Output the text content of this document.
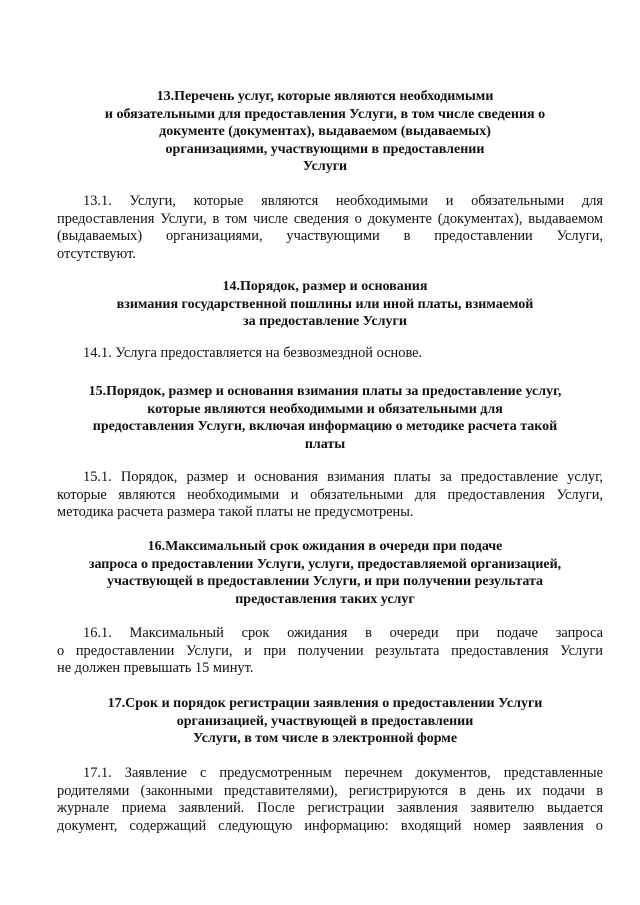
13.Перечень услуг, которые являются необходимыми
и обязательными для предоставления Услуги, в том числе сведения о
документе (документах), выдаваемом (выдаваемых)
организациями, участвующими в предоставлении
Услуги
13.1. Услуги, которые являются необходимыми и обязательными для
предоставления Услуги, в том числе сведения о документе (документах), выдаваемом
(выдаваемых) организациями, участвующими в предоставлении Услуги,
отсутствуют.
14.Порядок, размер и основания
взимания государственной пошлины или иной платы, взимаемой
за предоставление Услуги
14.1. Услуга предоставляется на безвозмездной основе.
15.Порядок, размер и основания взимания платы за предоставление услуг,
которые являются необходимыми и обязательными для
предоставления Услуги, включая информацию о методике расчета такой
платы
15.1. Порядок, размер и основания взимания платы за предоставление услуг,
которые являются необходимыми и обязательными для предоставления Услуги,
методика расчета размера такой платы не предусмотрены.
16.Максимальный срок ожидания в очереди при подаче
запроса о предоставлении Услуги, услуги, предоставляемой организацией,
участвующей в предоставлении Услуги, и при получении результата
предоставления таких услуг
16.1. Максимальный срок ожидания в очереди при подаче запроса
о предоставлении Услуги, и при получении результата предоставления Услуги
не должен превышать 15 минут.
17.Срок и порядок регистрации заявления о предоставлении Услуги
организацией, участвующей в предоставлении
Услуги, в том числе в электронной форме
17.1. Заявление с предусмотренным перечнем документов, представленные
родителями (законными представителями), регистрируются в день их подачи в
журнале приема заявлений. После регистрации заявления заявителю выдается
документ, содержащий следующую информацию: входящий номер заявления о
